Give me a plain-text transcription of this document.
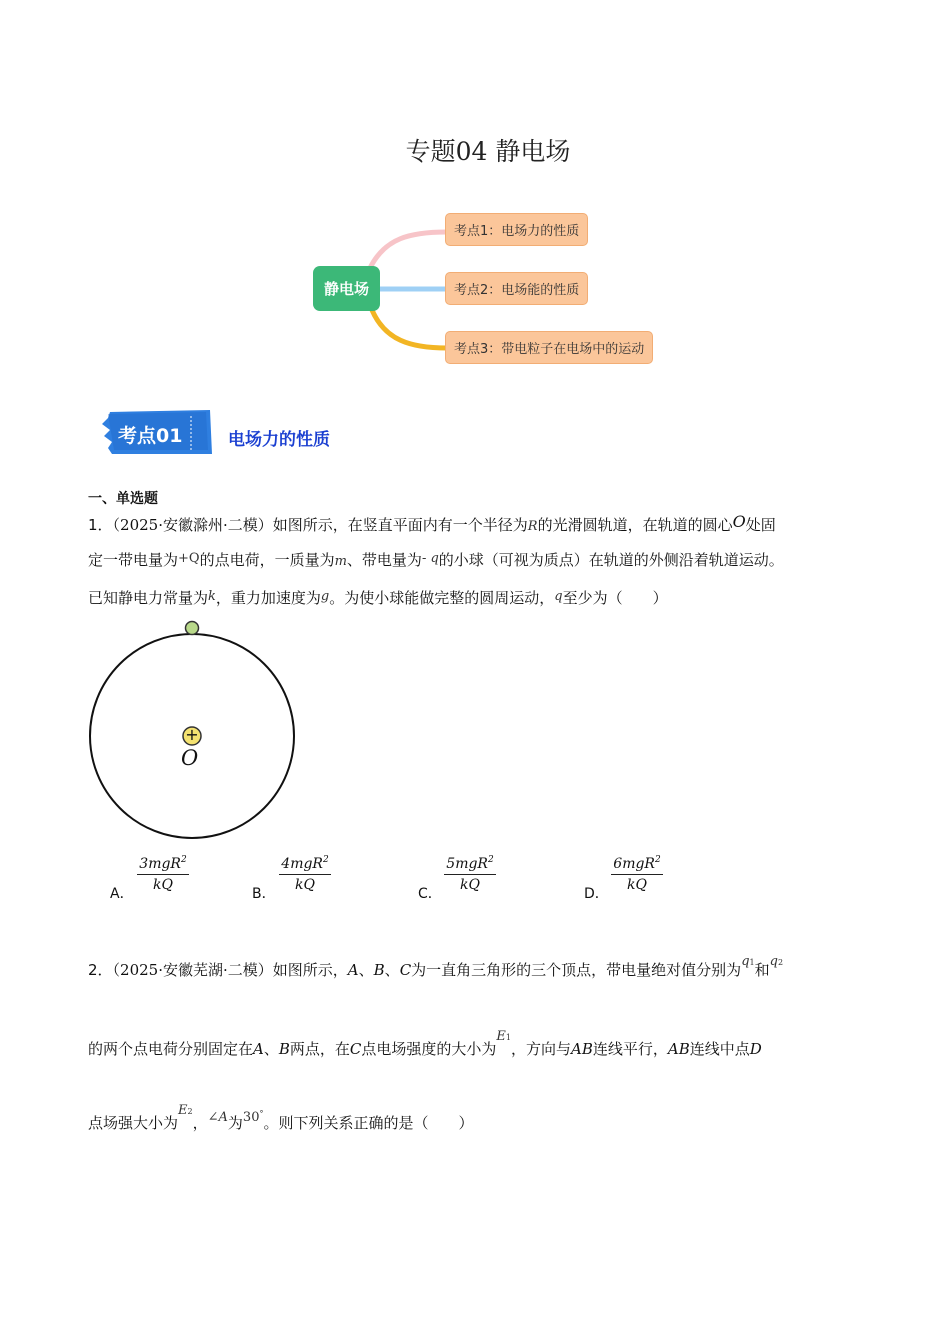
专题04 静电场
静电场
考点1：电场力的性质
考点2：电场能的性质
考点3：带电粒子在电场中的运动
考点01	电场力的性质
一、单选题
1．（2025·安徽滁州·二模）如图所示，在竖直平面内有一个半径为R的光滑圆轨道，在轨道的圆心O处固
定一带电量为+Q的点电荷，一质量为m、带电量为- q的小球（可视为质点）在轨道的外侧沿着轨道运动。
已知静电力常量为k，重力加速度为g。为使小球能做完整的圆周运动，q至少为（　　）
+
O
A．
3mgR$^2$
kQ
B．
4mgR$^2$
kQ
C．
5mgR$^2$
kQ
D．
6mgR$^2$
kQ
2．（2025·安徽芜湖·二模）如图所示，A、B、C为一直角三角形的三个顶点，带电量绝对值分别为q1和q2
的两个点电荷分别固定在A、B两点，在C点电场强度的大小为E1，方向与AB连线平行，AB连线中点D
点场强大小为E2，∠A为30°。则下列关系正确的是（　　）
